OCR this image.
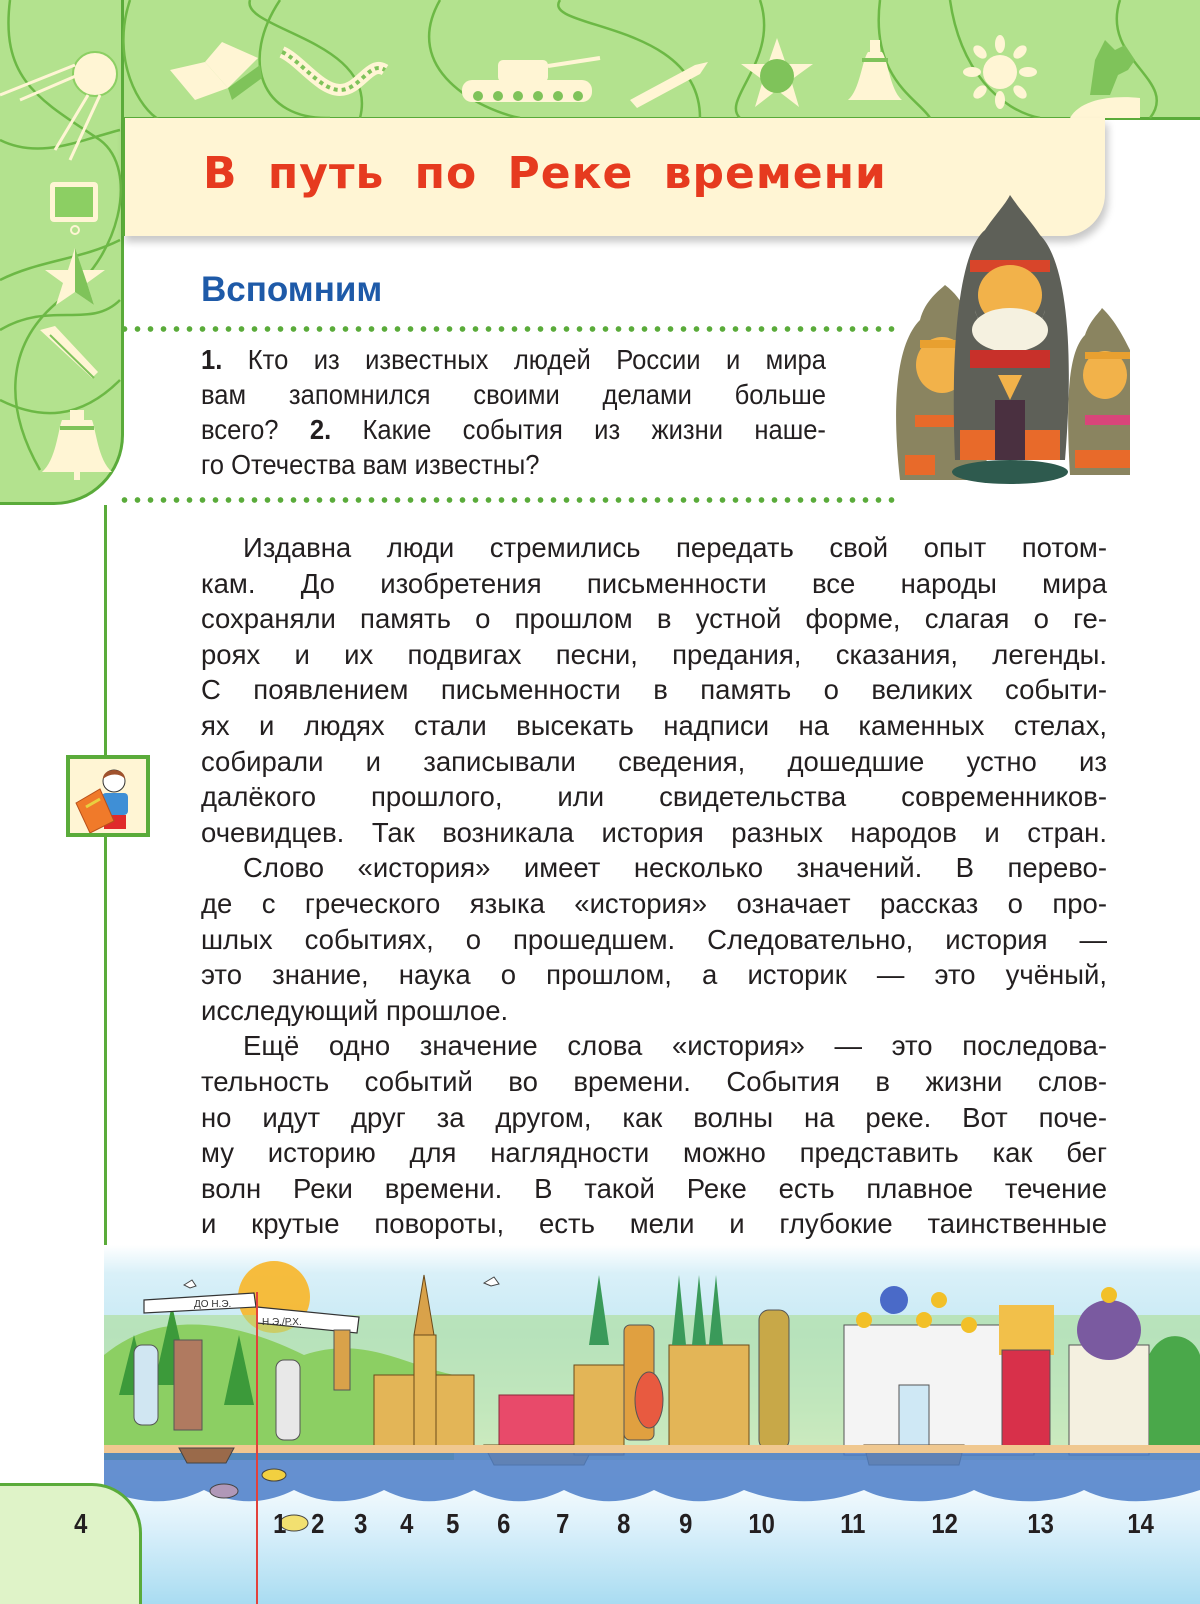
В путь по Реке времени
Вспомним
1. Кто из известных людей России и мира
вам запомнился своими делами больше
всего? 2. Какие события из жизни наше-
го Отечества вам известны?
Издавна люди стремились передать свой опыт потом-
кам. До изобретения письменности все народы мира
сохраняли память о прошлом в устной форме, слагая о ге-
роях и их подвигах песни, предания, сказания, легенды.
С появлением письменности в память о великих событи-
ях и людях стали высекать надписи на каменных стелах,
собирали и записывали сведения, дошедшие устно из
далёкого прошлого, или свидетельства современников-
очевидцев. Так возникала история разных народов и стран.
Слово «история» имеет несколько значений. В перево-
де с греческого языка «история» означает рассказ о про-
шлых событиях, о прошедшем. Следовательно, история —
это знание, наука о прошлом, а историк — это учёный,
исследующий прошлое.
Ещё одно значение слова «история» — это последова-
тельность событий во времени. События в жизни слов-
но идут друг за другом, как волны на реке. Вот поче-
му историю для наглядности можно представить как бег
волн Реки времени. В такой Реке есть плавное течение
и крутые повороты, есть мели и глубокие таинственные
ДО Н.Э.
Н.Э./Р.Х.
1 2 3 4 5 6 7 8 9 10 11 12 13	14
4
